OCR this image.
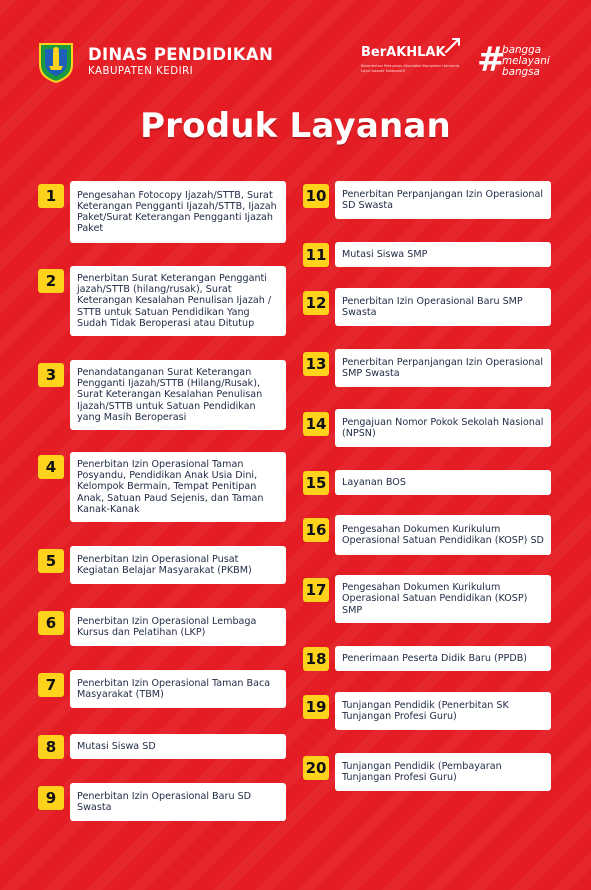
DINAS PENDIDIKAN
KABUPATEN KEDIRI
BerAKHLAK
Berorientasi Pelayanan Akuntabel Kompeten Harmonis Loyal Adaptif Kolaboratif	#
bangga
melayani
bangsa
Produk Layanan
1	Pengesahan Fotocopy Ijazah/STTB, Surat Keterangan Pengganti Ijazah/STTB, Ijazah Paket/Surat Keterangan Pengganti Ijazah Paket
2	Penerbitan Surat Keterangan Pengganti jazah/STTB (hilang/rusak), Surat Keterangan Kesalahan Penulisan Ijazah / STTB untuk Satuan Pendidikan Yang Sudah Tidak Beroperasi atau Ditutup
3	Penandatanganan Surat Keterangan Pengganti Ijazah/STTB (Hilang/Rusak), Surat Keterangan Kesalahan Penulisan Ijazah/STTB untuk Satuan Pendidikan yang Masih Beroperasi
4	Penerbitan Izin Operasional Taman Posyandu, Pendidikan Anak Usia Dini, Kelompok Bermain, Tempat Penitipan Anak, Satuan Paud Sejenis, dan Taman Kanak-Kanak
5	Penerbitan Izin Operasional Pusat Kegiatan Belajar Masyarakat (PKBM)
6	Penerbitan Izin Operasional Lembaga Kursus dan Pelatihan (LKP)
7	Penerbitan Izin Operasional Taman Baca Masyarakat (TBM)
8	Mutasi Siswa SD
9	Penerbitan Izin Operasional Baru SD Swasta
10 Penerbitan Perpanjangan Izin Operasional SD Swasta
11 Mutasi Siswa SMP
12 Penerbitan Izin Operasional Baru SMP Swasta
13 Penerbitan Perpanjangan Izin Operasional SMP Swasta
14 Pengajuan Nomor Pokok Sekolah Nasional (NPSN)
15 Layanan BOS
16 Pengesahan Dokumen Kurikulum Operasional Satuan Pendidikan (KOSP) SD
17 Pengesahan Dokumen Kurikulum Operasional Satuan Pendidikan (KOSP) SMP
18 Penerimaan Peserta Didik Baru (PPDB)
19 Tunjangan Pendidik (Penerbitan SK Tunjangan Profesi Guru)
20 Tunjangan Pendidik (Pembayaran Tunjangan Profesi Guru)
